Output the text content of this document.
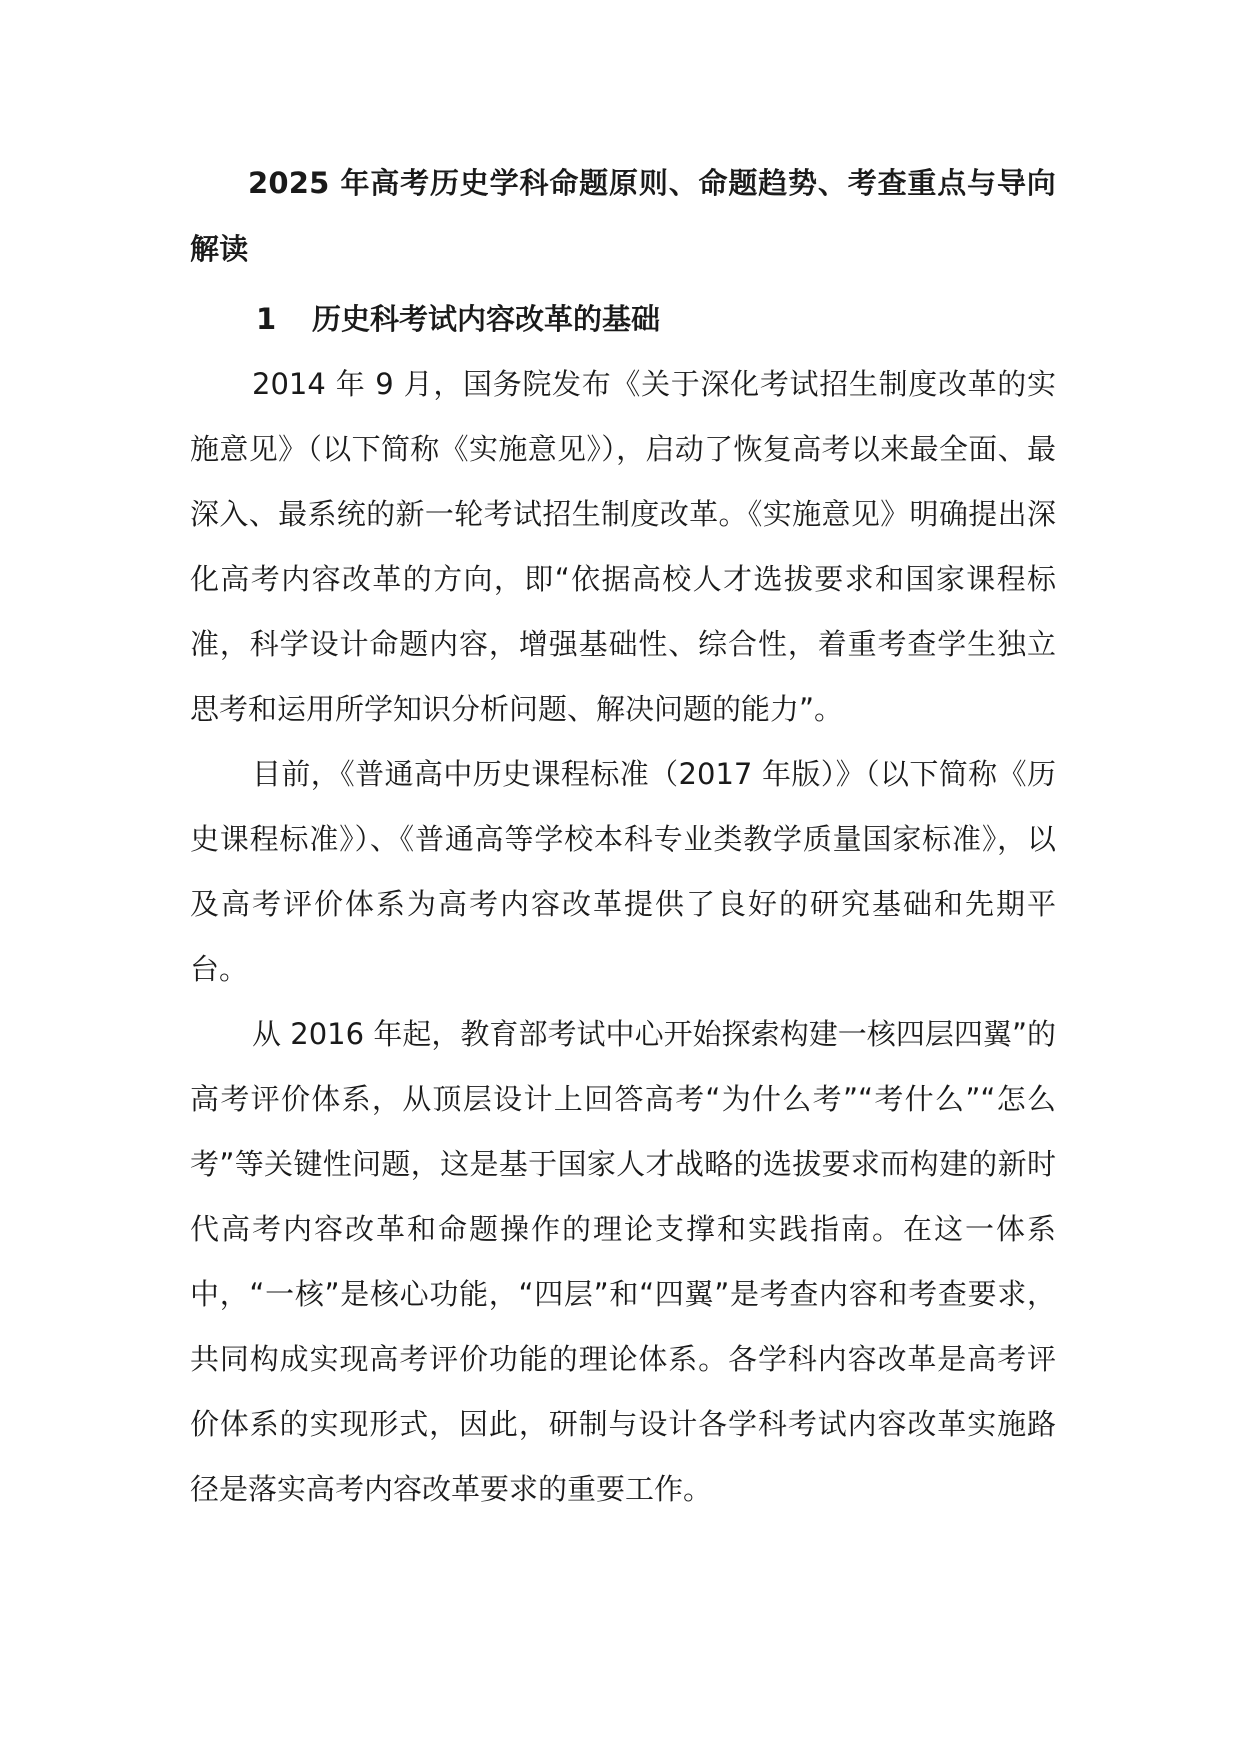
2025 年高考历史学科命题原则、命题趋势、考查重点与导向解读
1 历史科考试内容改革的基础

2014 年 9 月，国务院发布《关于深化考试招生制度改革的实施意见》（以下简称《实施意见》），启动了恢复高考以来最全面、最深入、最系统的新一轮考试招生制度改革。《实施意见》明确提出深化高考内容改革的方向，即“依据高校人才选拔要求和国家课程标准，科学设计命题内容，增强基础性、综合性，着重考查学生独立思考和运用所学知识分析问题、解决问题的能力”。

目前，《普通高中历史课程标准（2017 年版）》（以下简称《历史课程标准》）、《普通高等学校本科专业类教学质量国家标准》，以及高考评价体系为高考内容改革提供了良好的研究基础和先期平台。

从 2016 年起，教育部考试中心开始探索构建一核四层四翼”的高考评价体系，从顶层设计上回答高考“为什么考”“考什么”“怎么考”等关键性问题，这是基于国家人才战略的选拔要求而构建的新时代高考内容改革和命题操作的理论支撑和实践指南。在这一体系中，“一核”是核心功能，“四层”和“四翼”是考查内容和考查要求，共同构成实现高考评价功能的理论体系。各学科内容改革是高考评价体系的实现形式，因此，研制与设计各学科考试内容改革实施路径是落实高考内容改革要求的重要工作。
